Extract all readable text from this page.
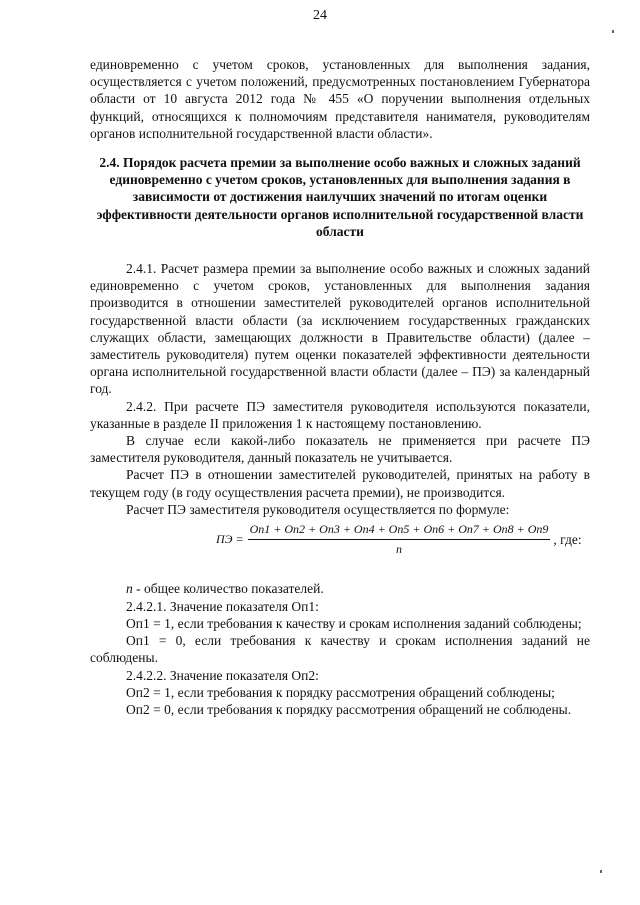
24

единовременно с учетом сроков, установленных для выполнения задания, осуществляется с учетом положений, предусмотренных постановлением Губернатора области от 10 августа 2012 года № 455 «О поручении выполнения отдельных функций, относящихся к полномочиям представителя нанимателя, руководителям органов исполнительной государственной власти области».

2.4. Порядок расчета премии за выполнение особо важных и сложных заданий единовременно с учетом сроков, установленных для выполнения задания в зависимости от достижения наилучших значений по итогам оценки эффективности деятельности органов исполнительной государственной власти области

2.4.1. Расчет размера премии за выполнение особо важных и сложных заданий единовременно с учетом сроков, установленных для выполнения задания производится в отношении заместителей руководителей органов исполнительной государственной власти области (за исключением государственных гражданских служащих области, замещающих должности в Правительстве области) (далее – заместитель руководителя) путем оценки показателей эффективности деятельности органа исполнительной государственной власти области (далее – ПЭ) за календарный год.

2.4.2. При расчете ПЭ заместителя руководителя используются показатели, указанные в разделе II приложения 1 к настоящему постановлению.

В случае если какой-либо показатель не применяется при расчете ПЭ заместителя руководителя, данный показатель не учитывается.

Расчет ПЭ в отношении заместителей руководителей, принятых на работу в текущем году (в году осуществления расчета премии), не производится.

Расчет ПЭ заместителя руководителя осуществляется по формуле:

ПЭ = $\frac{Оп1 + Оп2 + Оп3 + Оп4 + Оп5 + Оп6 + Оп7 + Оп8 + Оп9}{n}$ , где:

n - общее количество показателей.

2.4.2.1. Значение показателя Оп1:

Оп1 = 1, если требования к качеству и срокам исполнения заданий соблюдены;

Оп1 = 0, если требования к качеству и срокам исполнения заданий не соблюдены.

2.4.2.2. Значение показателя Оп2:

Оп2 = 1, если требования к порядку рассмотрения обращений соблюдены;

Оп2 = 0, если требования к порядку рассмотрения обращений не соблюдены.
